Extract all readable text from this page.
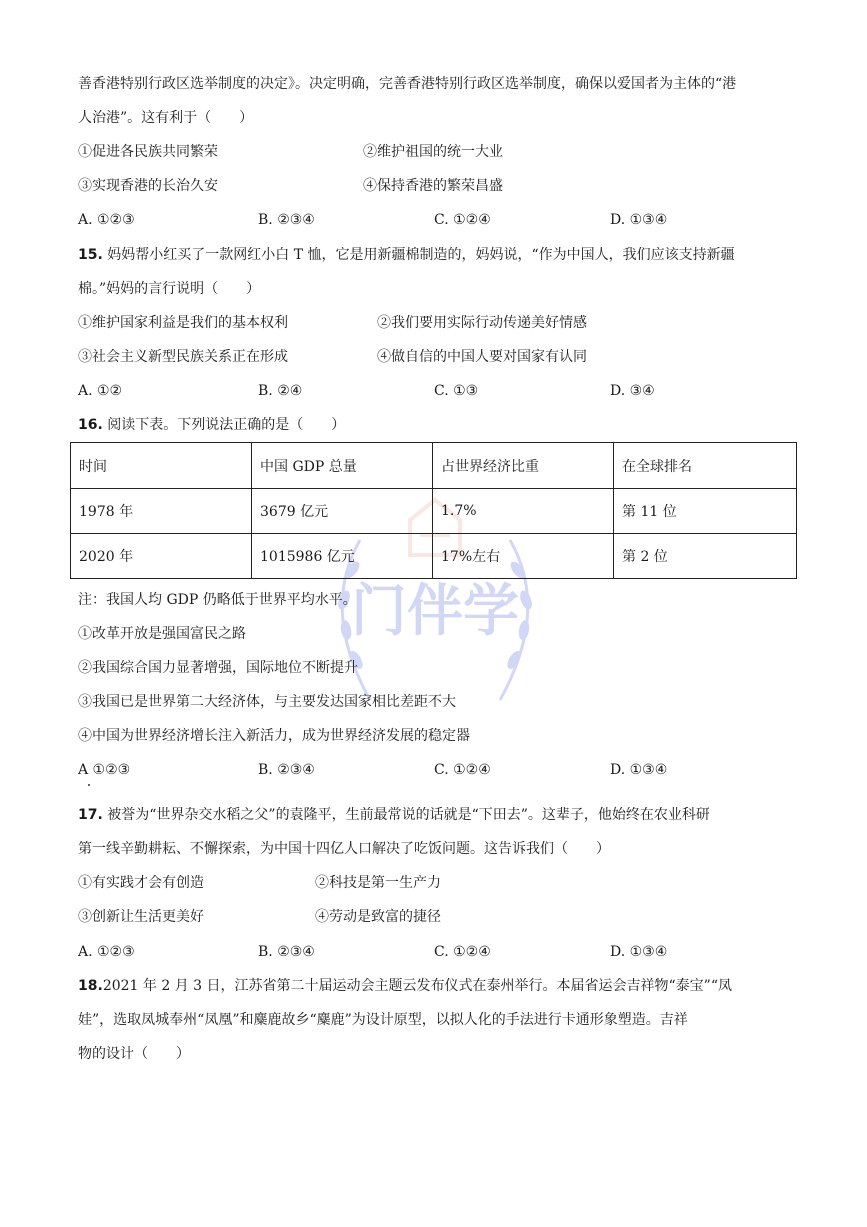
门伴学
善香港特别行政区选举制度的决定》。决定明确，完善香港特别行政区选举制度，确保以爱国者为主体的“港
人治港”。这有利于（　　）
①促进各民族共同繁荣	②维护祖国的统一大业
③实现香港的长治久安	④保持香港的繁荣昌盛
A. ①②③	B. ②③④	C. ①②④	D. ①③④
15. 妈妈帮小红买了一款网红小白 T 恤，它是用新疆棉制造的，妈妈说，“作为中国人，我们应该支持新疆
棉。”妈妈的言行说明（　　）
①维护国家利益是我们的基本权利	②我们要用实际行动传递美好情感
③社会主义新型民族关系正在形成	④做自信的中国人要对国家有认同
A. ①②	B. ②④	C. ①③	D. ③④
16. 阅读下表。下列说法正确的是（　　）
时间	中国 GDP 总量	占世界经济比重	在全球排名
1978 年	3679 亿元	1.7%	第 11 位
2020 年	1015986 亿元	17%左右	第 2 位
注：我国人均 GDP 仍略低于世界平均水平。
①改革开放是强国富民之路
②我国综合国力显著增强，国际地位不断提升
③我国已是世界第二大经济体，与主要发达国家相比差距不大
④中国为世界经济增长注入新活力，成为世界经济发展的稳定器
A ①②③	B. ②③④	C. ①②④	D. ①③④
17. 被誉为“世界杂交水稻之父”的袁隆平，生前最常说的话就是“下田去”。这辈子，他始终在农业科研
第一线辛勤耕耘、不懈探索，为中国十四亿人口解决了吃饭问题。这告诉我们（　　）
①有实践才会有创造	②科技是第一生产力
③创新让生活更美好	④劳动是致富的捷径
A. ①②③	B. ②③④	C. ①②④	D. ①③④
18.2021 年 2 月 3 日，江苏省第二十届运动会主题云发布仪式在泰州举行。本届省运会吉祥物“泰宝”“凤
娃”，选取凤城奉州“凤凰”和麋鹿故乡“麋鹿”为设计原型，以拟人化的手法进行卡通形象塑造。吉祥
物的设计（　　）
